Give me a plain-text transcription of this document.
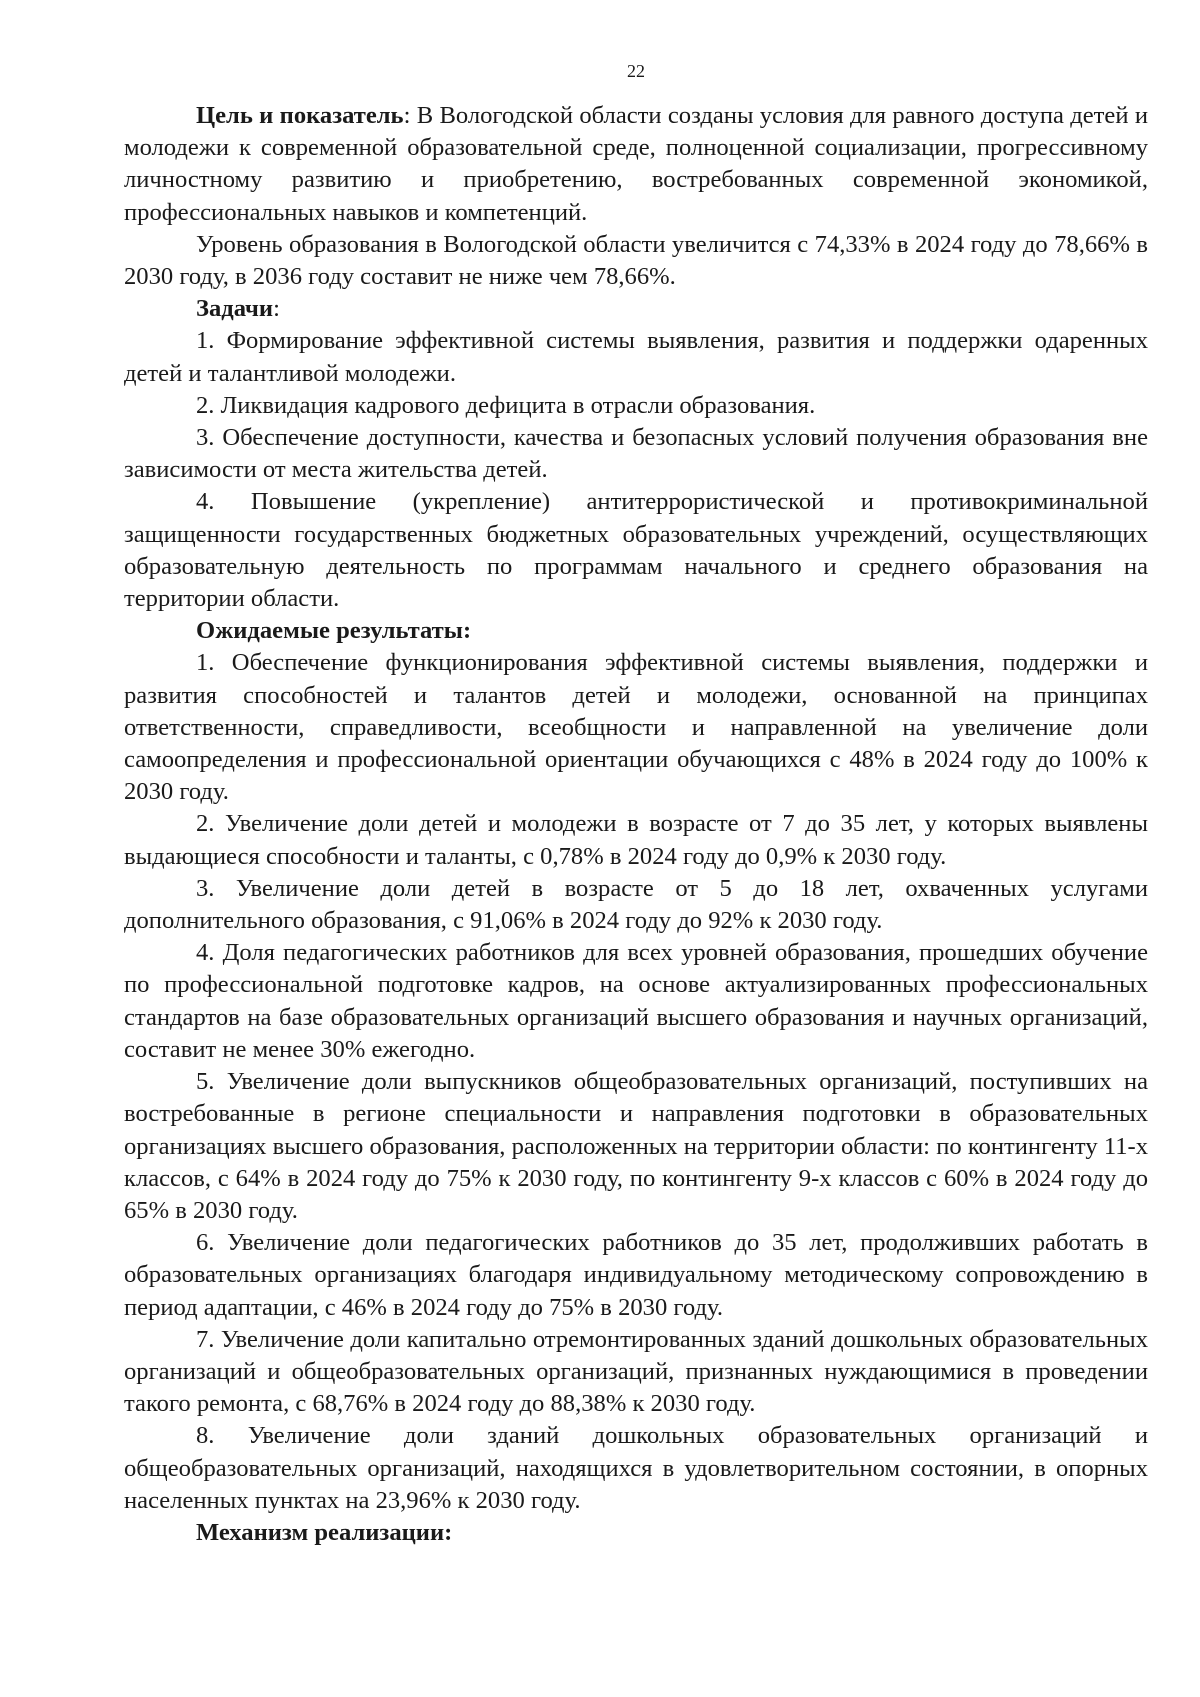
22

Цель и показатель: В Вологодской области созданы условия для равного доступа детей и молодежи к современной образовательной среде, полноценной социализации, прогрессивному личностному развитию и приобретению, востребованных современной экономикой, профессиональных навыков и компетенций.

Уровень образования в Вологодской области увеличится с 74,33% в 2024 году до 78,66% в 2030 году, в 2036 году составит не ниже чем 78,66%.

Задачи:

1. Формирование эффективной системы выявления, развития и поддержки одаренных детей и талантливой молодежи.

2. Ликвидация кадрового дефицита в отрасли образования.

3. Обеспечение доступности, качества и безопасных условий получения образования вне зависимости от места жительства детей.

4. Повышение (укрепление) антитеррористической и противокриминальной защищенности государственных бюджетных образовательных учреждений, осуществляющих образовательную деятельность по программам начального и среднего образования на территории области.

Ожидаемые результаты:

1. Обеспечение функционирования эффективной системы выявления, поддержки и развития способностей и талантов детей и молодежи, основанной на принципах ответственности, справедливости, всеобщности и направленной на увеличение доли самоопределения и профессиональной ориентации обучающихся с 48% в 2024 году до 100% к 2030 году.

2. Увеличение доли детей и молодежи в возрасте от 7 до 35 лет, у которых выявлены выдающиеся способности и таланты, с 0,78% в 2024 году до 0,9% к 2030 году.

3. Увеличение доли детей в возрасте от 5 до 18 лет, охваченных услугами дополнительного образования, с 91,06% в 2024 году до 92% к 2030 году.

4. Доля педагогических работников для всех уровней образования, прошедших обучение по профессиональной подготовке кадров, на основе актуализированных профессиональных стандартов на базе образовательных организаций высшего образования и научных организаций, составит не менее 30% ежегодно.

5. Увеличение доли выпускников общеобразовательных организаций, поступивших на востребованные в регионе специальности и направления подготовки в образовательных организациях высшего образования, расположенных на территории области: по контингенту 11-х классов, с 64% в 2024 году до 75% к 2030 году, по контингенту 9-х классов с 60% в 2024 году до 65% в 2030 году.

6. Увеличение доли педагогических работников до 35 лет, продолживших работать в образовательных организациях благодаря индивидуальному методическому сопровождению в период адаптации, с 46% в 2024 году до 75% в 2030 году.

7. Увеличение доли капитально отремонтированных зданий дошкольных образовательных организаций и общеобразовательных организаций, признанных нуждающимися в проведении такого ремонта, с 68,76% в 2024 году до 88,38% к 2030 году.

8. Увеличение доли зданий дошкольных образовательных организаций и общеобразовательных организаций, находящихся в удовлетворительном состоянии, в опорных населенных пунктах на 23,96% к 2030 году.

Механизм реализации:
